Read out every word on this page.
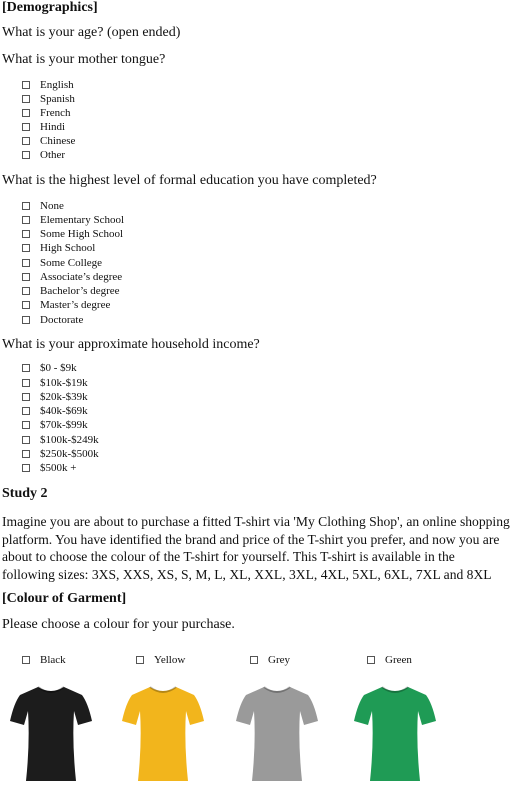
[Demographics]
What is your age? (open ended)
What is your mother tongue?
English
Spanish
French
Hindi
Chinese
Other
What is the highest level of formal education you have completed?
None
Elementary School
Some High School
High School
Some College
Associate’s degree
Bachelor’s degree
Master’s degree
Doctorate
What is your approximate household income?
$0 - $9k
$10k-$19k
$20k-$39k
$40k-$69k
$70k-$99k
$100k-$249k
$250k-$500k
$500k +
Study 2
Imagine you are about to purchase a fitted T-shirt via 'My Clothing Shop', an online shopping
platform. You have identified the brand and price of the T-shirt you prefer, and now you are
about to choose the colour of the T-shirt for yourself. This T-shirt is available in the
following sizes: 3XS, XXS, XS, S, M, L, XL, XXL, 3XL, 4XL, 5XL, 6XL, 7XL and 8XL
[Colour of Garment]
Please choose a colour for your purchase.
Black	Yellow	Grey	Green
